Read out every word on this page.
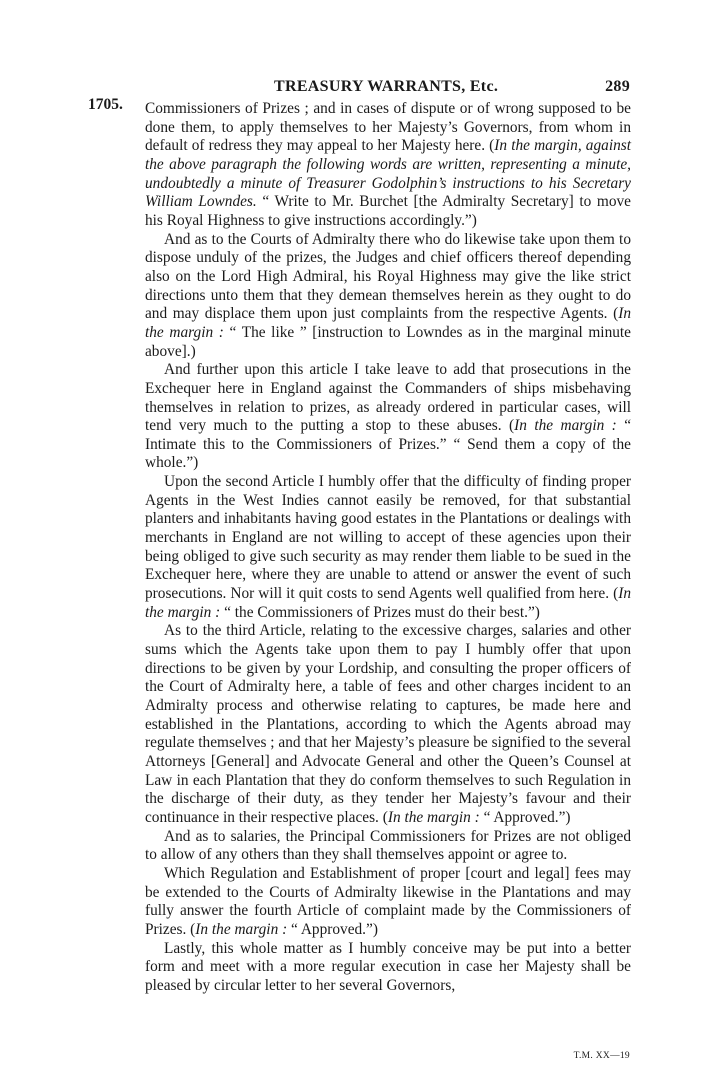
1705.
TREASURY WARRANTS, Etc.	289

Commissioners of Prizes ; and in cases of dispute or of wrong supposed to be done them, to apply themselves to her Majesty’s Governors, from whom in default of redress they may appeal to her Majesty here. (In the margin, against the above paragraph the following words are written, representing a minute, undoubtedly a minute of Treasurer Godolphin’s instructions to his Secretary William Lowndes. “ Write to Mr. Burchet [the Admiralty Secretary] to move his Royal Highness to give instructions accordingly.”)

And as to the Courts of Admiralty there who do likewise take upon them to dispose unduly of the prizes, the Judges and chief officers thereof depending also on the Lord High Admiral, his Royal Highness may give the like strict directions unto them that they demean themselves herein as they ought to do and may displace them upon just complaints from the respective Agents. (In the margin : “ The like ” [instruction to Lowndes as in the marginal minute above].)

And further upon this article I take leave to add that prosecutions in the Exchequer here in England against the Commanders of ships misbehaving themselves in relation to prizes, as already ordered in particular cases, will tend very much to the putting a stop to these abuses. (In the margin : “ Intimate this to the Commissioners of Prizes.” “ Send them a copy of the whole.”)

Upon the second Article I humbly offer that the difficulty of finding proper Agents in the West Indies cannot easily be removed, for that substantial planters and inhabitants having good estates in the Plantations or dealings with merchants in England are not willing to accept of these agencies upon their being obliged to give such security as may render them liable to be sued in the Exchequer here, where they are unable to attend or answer the event of such prosecutions. Nor will it quit costs to send Agents well qualified from here. (In the margin : “ the Commissioners of Prizes must do their best.”)

As to the third Article, relating to the excessive charges, salaries and other sums which the Agents take upon them to pay I humbly offer that upon directions to be given by your Lordship, and consulting the proper officers of the Court of Admiralty here, a table of fees and other charges incident to an Admiralty process and otherwise relating to captures, be made here and established in the Plantations, according to which the Agents abroad may regulate themselves ; and that her Majesty’s pleasure be signified to the several Attorneys [General] and Advocate General and other the Queen’s Counsel at Law in each Plantation that they do conform themselves to such Regulation in the discharge of their duty, as they tender her Majesty’s favour and their continuance in their respective places. (In the margin : “ Approved.”)

And as to salaries, the Principal Commissioners for Prizes are not obliged to allow of any others than they shall themselves appoint or agree to.

Which Regulation and Establishment of proper [court and legal] fees may be extended to the Courts of Admiralty likewise in the Plantations and may fully answer the fourth Article of complaint made by the Commissioners of Prizes. (In the margin : “ Approved.”)

Lastly, this whole matter as I humbly conceive may be put into a better form and meet with a more regular execution in case her Majesty shall be pleased by circular letter to her several Governors,

T.M. XX—19
